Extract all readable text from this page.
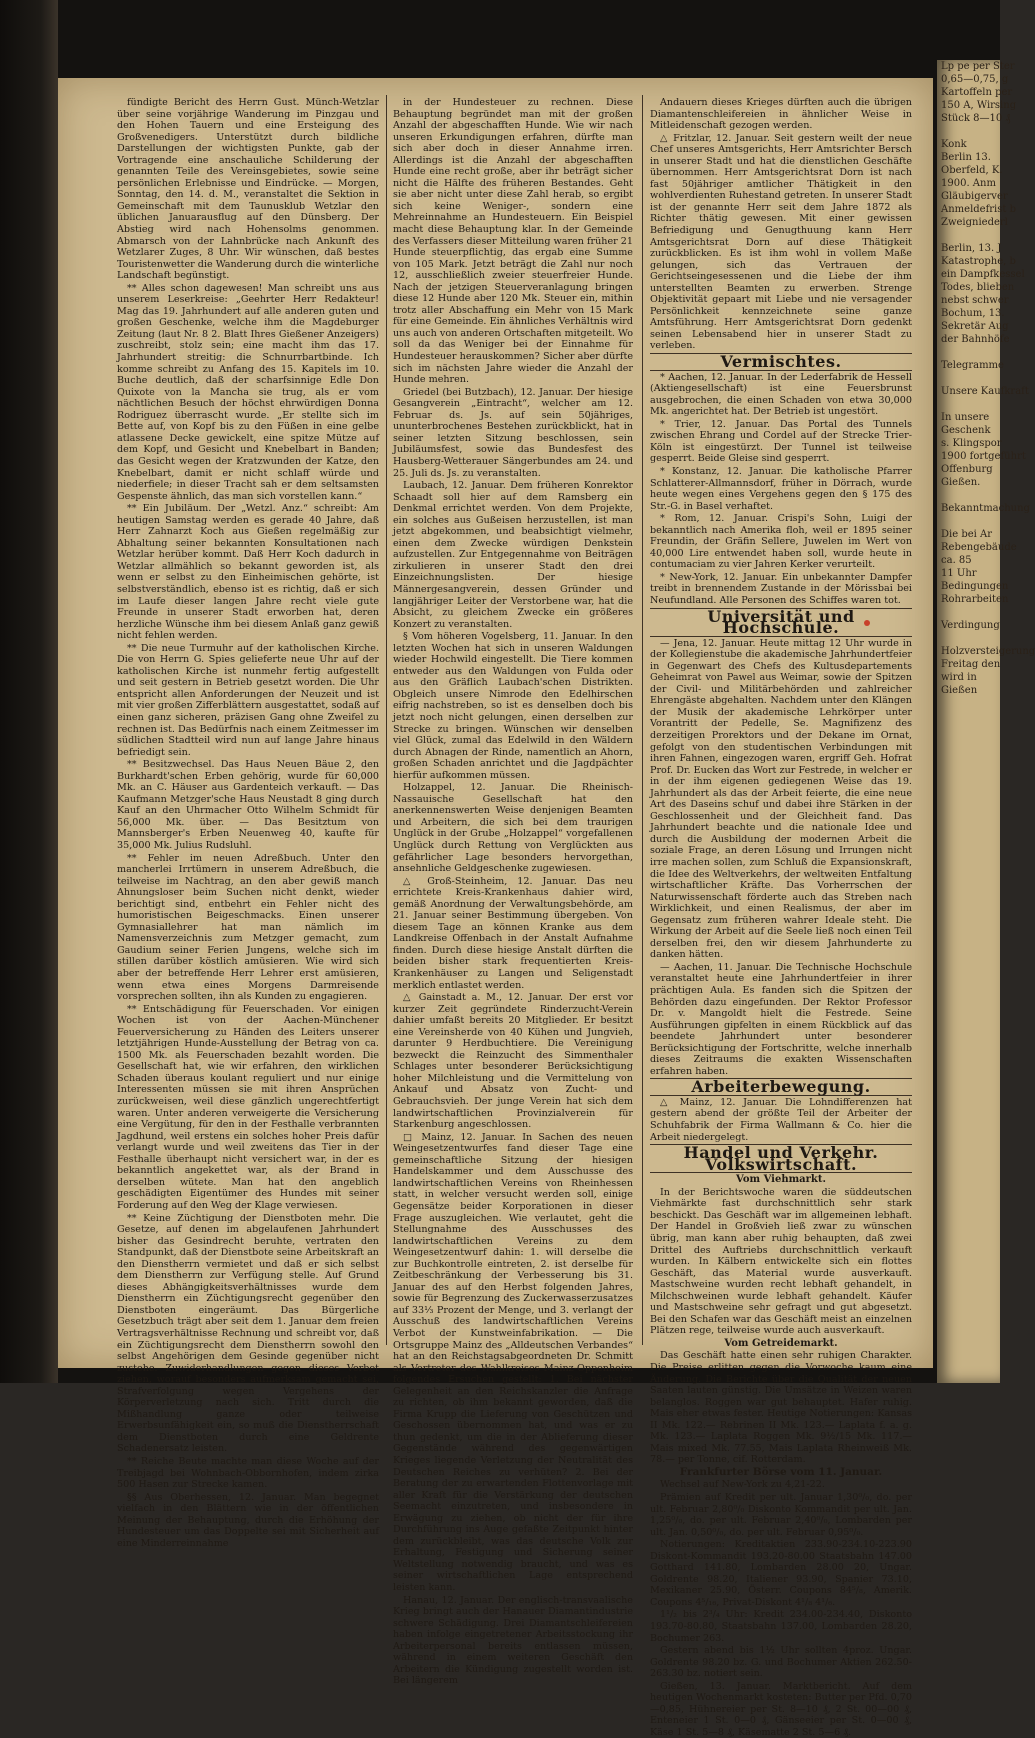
fündigte Bericht des Herrn Gust. Münch-Wetzlar über seine vorjährige Wanderung im Pinzgau und den Hohen Tauern und eine Ersteigung des Großvenedigers. Unterstützt durch bildliche Darstellungen der wichtigsten Punkte, gab der Vortragende eine anschauliche Schilderung der genannten Teile des Vereinsgebietes, sowie seine persönlichen Erlebnisse und Eindrücke. — Morgen, Sonntag, den 14. d. M., veranstaltet die Sektion in Gemeinschaft mit dem Taunusklub Wetzlar den üblichen Januarausflug auf den Dünsberg. Der Abstieg wird nach Hohensolms genommen. Abmarsch von der Lahnbrücke nach Ankunft des Wetzlarer Zuges, 8 Uhr. Wir wünschen, daß bestes Touristenwetter die Wanderung durch die winterliche Landschaft begünstigt.

** Alles schon dagewesen! Man schreibt uns aus unserem Leserkreise: „Geehrter Herr Redakteur! Mag das 19. Jahrhundert auf alle anderen guten und großen Geschenke, welche ihm die Magdeburger Zeitung (laut Nr. 8 2. Blatt Ihres Gießener Anzeigers) zuschreibt, stolz sein; eine macht ihm das 17. Jahrhundert streitig: die Schnurrbartbinde. Ich komme schreibt zu Anfang des 15. Kapitels im 10. Buche deutlich, daß der scharfsinnige Edle Don Quixote von la Mancha sie trug, als er vom nächtlichen Besuch der höchst ehrwürdigen Donna Rodriguez überrascht wurde. „Er stellte sich im Bette auf, von Kopf bis zu den Füßen in eine gelbe atlassene Decke gewickelt, eine spitze Mütze auf dem Kopf, und Gesicht und Knebelbart in Banden; das Gesicht wegen der Kratzwunden der Katze, den Knebelbart, damit er nicht schlaff würde und niederfiele; in dieser Tracht sah er dem seltsamsten Gespenste ähnlich, das man sich vorstellen kann.“

** Ein Jubiläum. Der „Wetzl. Anz.“ schreibt: Am heutigen Samstag werden es gerade 40 Jahre, daß Herr Zahnarzt Koch aus Gießen regelmäßig zur Abhaltung seiner bekannten Konsultationen nach Wetzlar herüber kommt. Daß Herr Koch dadurch in Wetzlar allmählich so bekannt geworden ist, als wenn er selbst zu den Einheimischen gehörte, ist selbstverständlich, ebenso ist es richtig, daß er sich im Laufe dieser langen Jahre recht viele gute Freunde in unserer Stadt erworben hat, deren herzliche Wünsche ihm bei diesem Anlaß ganz gewiß nicht fehlen werden.

** Die neue Turmuhr auf der katholischen Kirche. Die von Herrn G. Spies gelieferte neue Uhr auf der katholischen Kirche ist nunmehr fertig aufgestellt und seit gestern in Betrieb gesetzt worden. Die Uhr entspricht allen Anforderungen der Neuzeit und ist mit vier großen Zifferblättern ausgestattet, sodaß auf einen ganz sicheren, präzisen Gang ohne Zweifel zu rechnen ist. Das Bedürfnis nach einem Zeitmesser im südlichen Stadtteil wird nun auf lange Jahre hinaus befriedigt sein.

** Besitzwechsel. Das Haus Neuen Bäue 2, den Burkhardt'schen Erben gehörig, wurde für 60,000 Mk. an C. Häuser aus Gardenteich verkauft. — Das Kaufmann Metzger'sche Haus Neustadt 8 ging durch Kauf an den Uhrmacher Otto Wilhelm Schmidt für 56,000 Mk. über. — Das Besitztum von Mannsberger's Erben Neuenweg 40, kaufte für 35,000 Mk. Julius Rudsluhl.

** Fehler im neuen Adreßbuch. Unter den mancherlei Irrtümern in unserem Adreßbuch, die teilweise im Nachtrag, an den aber gewiß manch Ahnungsloser beim Suchen nicht denkt, wieder berichtigt sind, entbehrt ein Fehler nicht des humoristischen Beigeschmacks. Einen unserer Gymnasiallehrer hat man nämlich im Namensverzeichnis zum Metzger gemacht, zum Gaudium seiner Ferien Jungens, welche sich im stillen darüber köstlich amüsieren. Wie wird sich aber der betreffende Herr Lehrer erst amüsieren, wenn etwa eines Morgens Darmreisende vorsprechen sollten, ihn als Kunden zu engagieren.

** Entschädigung für Feuerschaden. Vor einigen Wochen ist von der Aachen-Münchener Feuerversicherung zu Händen des Leiters unserer letztjährigen Hunde-Ausstellung der Betrag von ca. 1500 Mk. als Feuerschaden bezahlt worden. Die Gesellschaft hat, wie wir erfahren, den wirklichen Schaden überaus koulant reguliert und nur einige Interessenten müssen sie mit ihren Ansprüchen zurückweisen, weil diese gänzlich ungerechtfertigt waren. Unter anderen verweigerte die Versicherung eine Vergütung, für den in der Festhalle verbrannten Jagdhund, weil erstens ein solches hoher Preis dafür verlangt wurde und weil zweitens das Tier in der Festhalle überhaupt nicht versichert war, in der es bekanntlich angekettet war, als der Brand in derselben wütete. Man hat den angeblich geschädigten Eigentümer des Hundes mit seiner Forderung auf den Weg der Klage verwiesen.

** Keine Züchtigung der Dienstboten mehr. Die Gesetze, auf denen im abgelaufenen Jahrhundert bisher das Gesindrecht beruhte, vertraten den Standpunkt, daß der Dienstbote seine Arbeitskraft an den Dienstherrn vermietet und daß er sich selbst dem Dienstherrn zur Verfügung stelle. Auf Grund dieses Abhängigkeitsverhältnisses wurde dem Dienstherrn ein Züchtigungsrecht gegenüber den Dienstboten eingeräumt. Das Bürgerliche Gesetzbuch trägt aber seit dem 1. Januar dem freien Vertragsverhältnisse Rechnung und schreibt vor, daß ein Züchtigungsrecht dem Dienstherrn sowohl den selbst Angehörigen dem Gesinde gegenüber nicht zustehe. Zuwiderhandlungen gegen dieses Verbot ziehen, worauf besonders aufmerksam gemacht sei, Strafverfolgung wegen Vergehens der Körperverletzung nach sich. Tritt durch die Mißhandlung ganze oder teilweise Erwerbsunfähigkeit ein, so muß die Dienstherrschaft dem Dienstboten durch eine Geldrente Schadenersatz leisten.

** Reiche Beute machte man diese Woche auf der Treibjagd bei Wohnbach-Obbornhofen, indem zirka 500 Hasen zur Strecke kamen.

§§ Aus Oberhessen, 12. Januar. Man begegnet vielfach in den Blättern wie in der öffentlichen Meinung der Behauptung, durch die Erhöhung der Hundesteuer um das Doppelte sei mit Sicherheit auf eine Minderreinnahme

in der Hundesteuer zu rechnen. Diese Behauptung begründet man mit der großen Anzahl der abgeschafften Hunde. Wie wir nach unseren Erkundigungen erfahren, dürfte man sich aber doch in dieser Annahme irren. Allerdings ist die Anzahl der abgeschafften Hunde eine recht große, aber ihr beträgt sicher nicht die Hälfte des früheren Bestandes. Geht sie aber nicht unter diese Zahl herab, so ergibt sich keine Weniger-, sondern eine Mehreinnahme an Hundesteuern. Ein Beispiel macht diese Behauptung klar. In der Gemeinde des Verfassers dieser Mitteilung waren früher 21 Hunde steuerpflichtig, das ergab eine Summe von 105 Mark. Jetzt beträgt die Zahl nur noch 12, ausschließlich zweier steuerfreier Hunde. Nach der jetzigen Steuerveranlagung bringen diese 12 Hunde aber 120 Mk. Steuer ein, mithin trotz aller Abschaffung ein Mehr von 15 Mark für eine Gemeinde. Ein ähnliches Verhältnis wird uns auch von anderen Ortschaften mitgeteilt. Wo soll da das Weniger bei der Einnahme für Hundesteuer herauskommen? Sicher aber dürfte sich im nächsten Jahre wieder die Anzahl der Hunde mehren.

Griedel (bei Butzbach), 12. Januar. Der hiesige Gesangverein „Eintracht“, welcher am 12. Februar ds. Js. auf sein 50jähriges, ununterbrochenes Bestehen zurückblickt, hat in seiner letzten Sitzung beschlossen, sein Jubiläumsfest, sowie das Bundesfest des Hausberg-Wetterauer Sängerbundes am 24. und 25. Juli ds. Js. zu veranstalten.

Laubach, 12. Januar. Dem früheren Konrektor Schaadt soll hier auf dem Ramsberg ein Denkmal errichtet werden. Von dem Projekte, ein solches aus Gußeisen herzustellen, ist man jetzt abgekommen, und beabsichtigt vielmehr, einen dem Zwecke würdigen Denkstein aufzustellen. Zur Entgegennahme von Beiträgen zirkulieren in unserer Stadt den drei Einzeichnungslisten. Der hiesige Männergesangverein, dessen Gründer und langjähriger Leiter der Verstorbene war, hat die Absicht, zu gleichem Zwecke ein größeres Konzert zu veranstalten.

§ Vom höheren Vogelsberg, 11. Januar. In den letzten Wochen hat sich in unseren Waldungen wieder Hochwild eingestellt. Die Tiere kommen entweder aus den Waldungen von Fulda oder aus den Gräflich Laubach'schen Distrikten. Obgleich unsere Nimrode den Edelhirschen eifrig nachstreben, so ist es denselben doch bis jetzt noch nicht gelungen, einen derselben zur Strecke zu bringen. Wünschen wir denselben viel Glück, zumal das Edelwild in den Wäldern durch Abnagen der Rinde, namentlich an Ahorn, großen Schaden anrichtet und die Jagdpächter hierfür aufkommen müssen.

Holzappel, 12. Januar. Die Rheinisch-Nassauische Gesellschaft hat den anerkennenswerten Weise denjenigen Beamten und Arbeitern, die sich bei dem traurigen Unglück in der Grube „Holzappel“ vorgefallenen Unglück durch Rettung von Verglückten aus gefährlicher Lage besonders hervorgethan, ansehnliche Geldgeschenke zugewiesen.

△ Groß-Steinheim, 12. Januar. Das neu errichtete Kreis-Krankenhaus dahier wird, gemäß Anordnung der Verwaltungsbehörde, am 21. Januar seiner Bestimmung übergeben. Von diesem Tage an können Kranke aus dem Landkreise Offenbach in der Anstalt Aufnahme finden. Durch diese hiesige Anstalt dürften die beiden bisher stark frequentierten Kreis-Krankenhäuser zu Langen und Seligenstadt merklich entlastet werden.

△ Gainstadt a. M., 12. Januar. Der erst vor kurzer Zeit gegründete Rinderzucht-Verein dahier umfaßt bereits 20 Mitglieder. Er besitzt eine Vereinsherde von 40 Kühen und Jungvieh, darunter 9 Herdbuchtiere. Die Vereinigung bezweckt die Reinzucht des Simmenthaler Schlages unter besonderer Berücksichtigung hoher Milchleistung und die Vermittelung von Ankauf und Absatz von Zucht- und Gebrauchsvieh. Der junge Verein hat sich dem landwirtschaftlichen Provinzialverein für Starkenburg angeschlossen.

□ Mainz, 12. Januar. In Sachen des neuen Weingesetzentwurfes fand dieser Tage eine gemeinschaftliche Sitzung der hiesigen Handelskammer und dem Ausschusse des landwirtschaftlichen Vereins von Rheinhessen statt, in welcher versucht werden soll, einige Gegensätze beider Korporationen in dieser Frage auszugleichen. Wie verlautet, geht die Stellungnahme des Ausschusses des landwirtschaftlichen Vereins zu dem Weingesetzentwurf dahin: 1. will derselbe die zur Buchkontrolle eintreten, 2. ist derselbe für Zeitbeschränkung der Verbesserung bis 31. Januar des auf den Herbst folgenden Jahres, sowie für Begrenzung des Zuckerwasserzusatzes auf 33⅓ Prozent der Menge, und 3. verlangt der Ausschuß des landwirtschaftlichen Vereins Verbot der Kunstweinfabrikation. — Die Ortsgruppe Mainz des „Alldeutschen Verbandes“ hat an den Reichstagsabgeordneten Dr. Schmitt als Vertreter des Wahlkreises Mainz-Oppenheim folgendes Ersuchen gestellt: 1. Bei nächster Gelegenheit an den Reichskanzler die Anfrage zu richten, ob ihm bekannt geworden, daß die Firma Krupp die Lieferung von Geschützen und Geschossen übernommen hat, und was er zu thun gedenkt, um die in der Ablieferung dieser Gegenstände während des gegenwärtigen Krieges liegende Verletzung der Neutralität des Deutschen Reiches zu verhüten? 2. Bei der Beratung der zu erwartenden Flottenvorlage mit aller Kraft für die Verstärkung der deutschen Seemacht einzutreten, und insbesondere in Erwägung zu ziehen, ob nicht der für ihre Durchführung ins Auge gefaßte Zeitpunkt hinter dem zurückbleibt, was das deutsche Volk zur Erhaltung, Festigung und Sicherung seiner Weltstellung notwendig braucht, und was es seiner wirtschaftlichen Lage entsprechend leisten kann.

Hanau, 12. Januar. Der englisch-transvaalische Krieg bringt auch der Hanauer Diamantindustrie schwere Schädigung. Drei Diamantschleifereien haben infolge eingetretener Arbeitsstockung ihr Arbeiterpersonal bereits entlassen müssen, während in einem weiteren Geschäft den Arbeitern die Kündigung zugestellt worden ist. Bei längerem

Andauern dieses Krieges dürften auch die übrigen Diamantenschleifereien in ähnlicher Weise in Mitleidenschaft gezogen werden.

△ Fritzlar, 12. Januar. Seit gestern weilt der neue Chef unseres Amtsgerichts, Herr Amtsrichter Bersch in unserer Stadt und hat die dienstlichen Geschäfte übernommen. Herr Amtsgerichtsrat Dorn ist nach fast 50jähriger amtlicher Thätigkeit in den wohlverdienten Ruhestand getreten. In unserer Stadt ist der genannte Herr seit dem Jahre 1872 als Richter thätig gewesen. Mit einer gewissen Befriedigung und Genugthuung kann Herr Amtsgerichtsrat Dorn auf diese Thätigkeit zurückblicken. Es ist ihm wohl in vollem Maße gelungen, sich das Vertrauen der Gerichtseingesessenen und die Liebe der ihm unterstellten Beamten zu erwerben. Strenge Objektivität gepaart mit Liebe und nie versagender Persönlichkeit kennzeichnete seine ganze Amtsführung. Herr Amtsgerichtsrat Dorn gedenkt seinen Lebensabend hier in unserer Stadt zu verleben.

Vermischtes.

* Aachen, 12. Januar. In der Lederfabrik de Hessell (Aktiengesellschaft) ist eine Feuersbrunst ausgebrochen, die einen Schaden von etwa 30,000 Mk. angerichtet hat. Der Betrieb ist ungestört.

* Trier, 12. Januar. Das Portal des Tunnels zwischen Ehrang und Cordel auf der Strecke Trier-Köln ist eingestürzt. Der Tunnel ist teilweise gesperrt. Beide Gleise sind gesperrt.

* Konstanz, 12. Januar. Die katholische Pfarrer Schlatterer-Allmannsdorf, früher in Dörrach, wurde heute wegen eines Vergehens gegen den § 175 des Str.-G. in Basel verhaftet.

* Rom, 12. Januar. Crispi's Sohn, Luigi der bekanntlich nach Amerika floh, weil er 1895 seiner Freundin, der Gräfin Sellere, Juwelen im Wert von 40,000 Lire entwendet haben soll, wurde heute in contumaciam zu vier Jahren Kerker verurteilt.

* New-York, 12. Januar. Ein unbekannter Dampfer treibt in brennendem Zustande in der Mörissbai bei Neufundland. Alle Personen des Schiffes waren tot.

Universität und Hochschule.

— Jena, 12. Januar. Heute mittag 12 Uhr wurde in der Kollegienstube die akademische Jahrhundertfeier in Gegenwart des Chefs des Kultusdepartements Geheimrat von Pawel aus Weimar, sowie der Spitzen der Civil- und Militärbehörden und zahlreicher Ehrengäste abgehalten. Nachdem unter den Klängen der Musik der akademische Lehrkörper unter Vorantritt der Pedelle, Se. Magnifizenz des derzeitigen Prorektors und der Dekane im Ornat, gefolgt von den studentischen Verbindungen mit ihren Fahnen, eingezogen waren, ergriff Geh. Hofrat Prof. Dr. Eucken das Wort zur Festrede, in welcher er in der ihm eigenen gediegenen Weise das 19. Jahrhundert als das der Arbeit feierte, die eine neue Art des Daseins schuf und dabei ihre Stärken in der Geschlossenheit und der Gleichheit fand. Das Jahrhundert beachte und die nationale Idee und durch die Ausbildung der modernen Arbeit die soziale Frage, an deren Lösung und Irrungen nicht irre machen sollen, zum Schluß die Expansionskraft, die Idee des Weltverkehrs, der weltweiten Entfaltung wirtschaftlicher Kräfte. Das Vorherrschen der Naturwissenschaft förderte auch das Streben nach Wirklichkeit, und einen Realismus, der aber im Gegensatz zum früheren wahrer Ideale steht. Die Wirkung der Arbeit auf die Seele ließ noch einen Teil derselben frei, den wir diesem Jahrhunderte zu danken hätten.

— Aachen, 11. Januar. Die Technische Hochschule veranstaltet heute eine Jahrhundertfeier in ihrer prächtigen Aula. Es fanden sich die Spitzen der Behörden dazu eingefunden. Der Rektor Professor Dr. v. Mangoldt hielt die Festrede. Seine Ausführungen gipfelten in einem Rückblick auf das beendete Jahrhundert unter besonderer Berücksichtigung der Fortschritte, welche innerhalb dieses Zeitraums die exakten Wissenschaften erfahren haben.

Arbeiterbewegung.

△ Mainz, 12. Januar. Die Lohndifferenzen hat gestern abend der größte Teil der Arbeiter der Schuhfabrik der Firma Wallmann & Co. hier die Arbeit niedergelegt.

Handel und Verkehr. Volkswirtschaft.

Vom Viehmarkt.

In der Berichtswoche waren die süddeutschen Viehmärkte fast durchschnittlich sehr stark beschickt. Das Geschäft war im allgemeinen lebhaft. Der Handel in Großvieh ließ zwar zu wünschen übrig, man kann aber ruhig behaupten, daß zwei Drittel des Auftriebs durchschnittlich verkauft wurden. In Kälbern entwickelte sich ein flottes Geschäft, das Material wurde ausverkauft. Mastschweine wurden recht lebhaft gehandelt, in Milchschweinen wurde lebhaft gehandelt. Käufer und Mastschweine sehr gefragt und gut abgesetzt. Bei den Schafen war das Geschäft meist an einzelnen Plätzen rege, teilweise wurde auch ausverkauft.

Vom Getreidemarkt.

Das Geschäft hatte einen sehr ruhigen Charakter. Die Preise erlitten gegen die Vorwoche kaum eine Änderung. Die Berichte über die Qualität der neuen Saaten lauten günstig. Die Umsätze in Weizen waren belanglos. Roggen war gut behauptet. Hafer ruhig. Mais eher etwas fester. Heutige Notierungen: Kansas II Mk. 122.— Rebrinen II Mk. 123.— Laplata f. a. g. Mk. 123.— Laplata Roggen Mk. 9½/15 Mk. 117.— Mais mixed Mk. 77.55, Mais Laplata Rheinweiß Mk. 78.— per Tonne, cif. Rotterdam.

Frankfurter Börse vom 11. Januar.

Wechsel auf New-York zu 4,21-22.

Prämien auf Kredit per ult. Januar 1,30⁰/₀, do. per ult. Februar 2,80⁰/₀ Diskonto Kommandit per ult. Jan. 1,25⁰/₀, do. per ult. Februar 2,40⁰/₀, Lombarden per ult. Jan. 0,50⁰/₀, do. per ult. Februar 0,95⁰/₀.

Notierungen: Kreditaktien 233.90-234.10-223.90 Diskont-Kommandit 193.20-80.00 Staatsbahn 147.00 Gotthard 141.80, Lombarden 28.00 20, Ungar. Goldrente 98.20, Italiener 93.90, Spanier 73.10, Mexikaner 25.90, Österr. Coupons 84⁵/₈, Amerik. Coupons 4⁵/₁₆, Privat-Diskont 4¹/₈ 4¹/₆.

1¹/₂ bis 2³/₄ Uhr: Kredit 234.00-234.40, Diskonto 193.70-80.80, Staatsbahn 137.00, Lombarden 28.20, Bochumer 263.

Gestern abend bis 1½ Uhr sollten 4proz. Ungar. Goldrente 98.20 bz. G. und Bochumer Aktien 262.50-263.30 bz. notiert sein.

Gießen, 13. Januar. Marktbericht. Auf dem heutigen Wochenmarkt kosteten: Butter per Pfd. 0,70—0,85, Hühnereier per St. 8—10 ₰, 2 St. 00—00 ₰, Enteneier 1 St. 0—0 ₰, Gänseeier per St. 0—00 ₰, Käse 1 St. 5—8 ₰, Käsematte 2 St. 5—6 ₰.

Lp pe per Ster
0,65—0,75, g
Kartoffeln per
150 A, Wirsing
Stück 8—10 ₰

Konk
Berlin 13.
Oberfeld, K.
1900. Anm
Gläubigerver
Anmeldefrist b
Zweigniederl

Berlin, 13. J
Katastrophe, b
ein Dampfkessel
Todes, blieben
nebst schwer
Bochum, 13.
Sekretär Aug
der Bahnhöfe

Telegramme

Unsere Kaufkraft

In unsere
Geschenk
s. Klingspor
1900 fortgeführt
Offenburg
Gießen.

Bekanntmachung

Die bei Ar
Rebengebäude
ca. 85
11 Uhr
Bedingungen
Rohrarbeiten

Verdingung

Holzversteigerung
Freitag den
wird in
Gießen
